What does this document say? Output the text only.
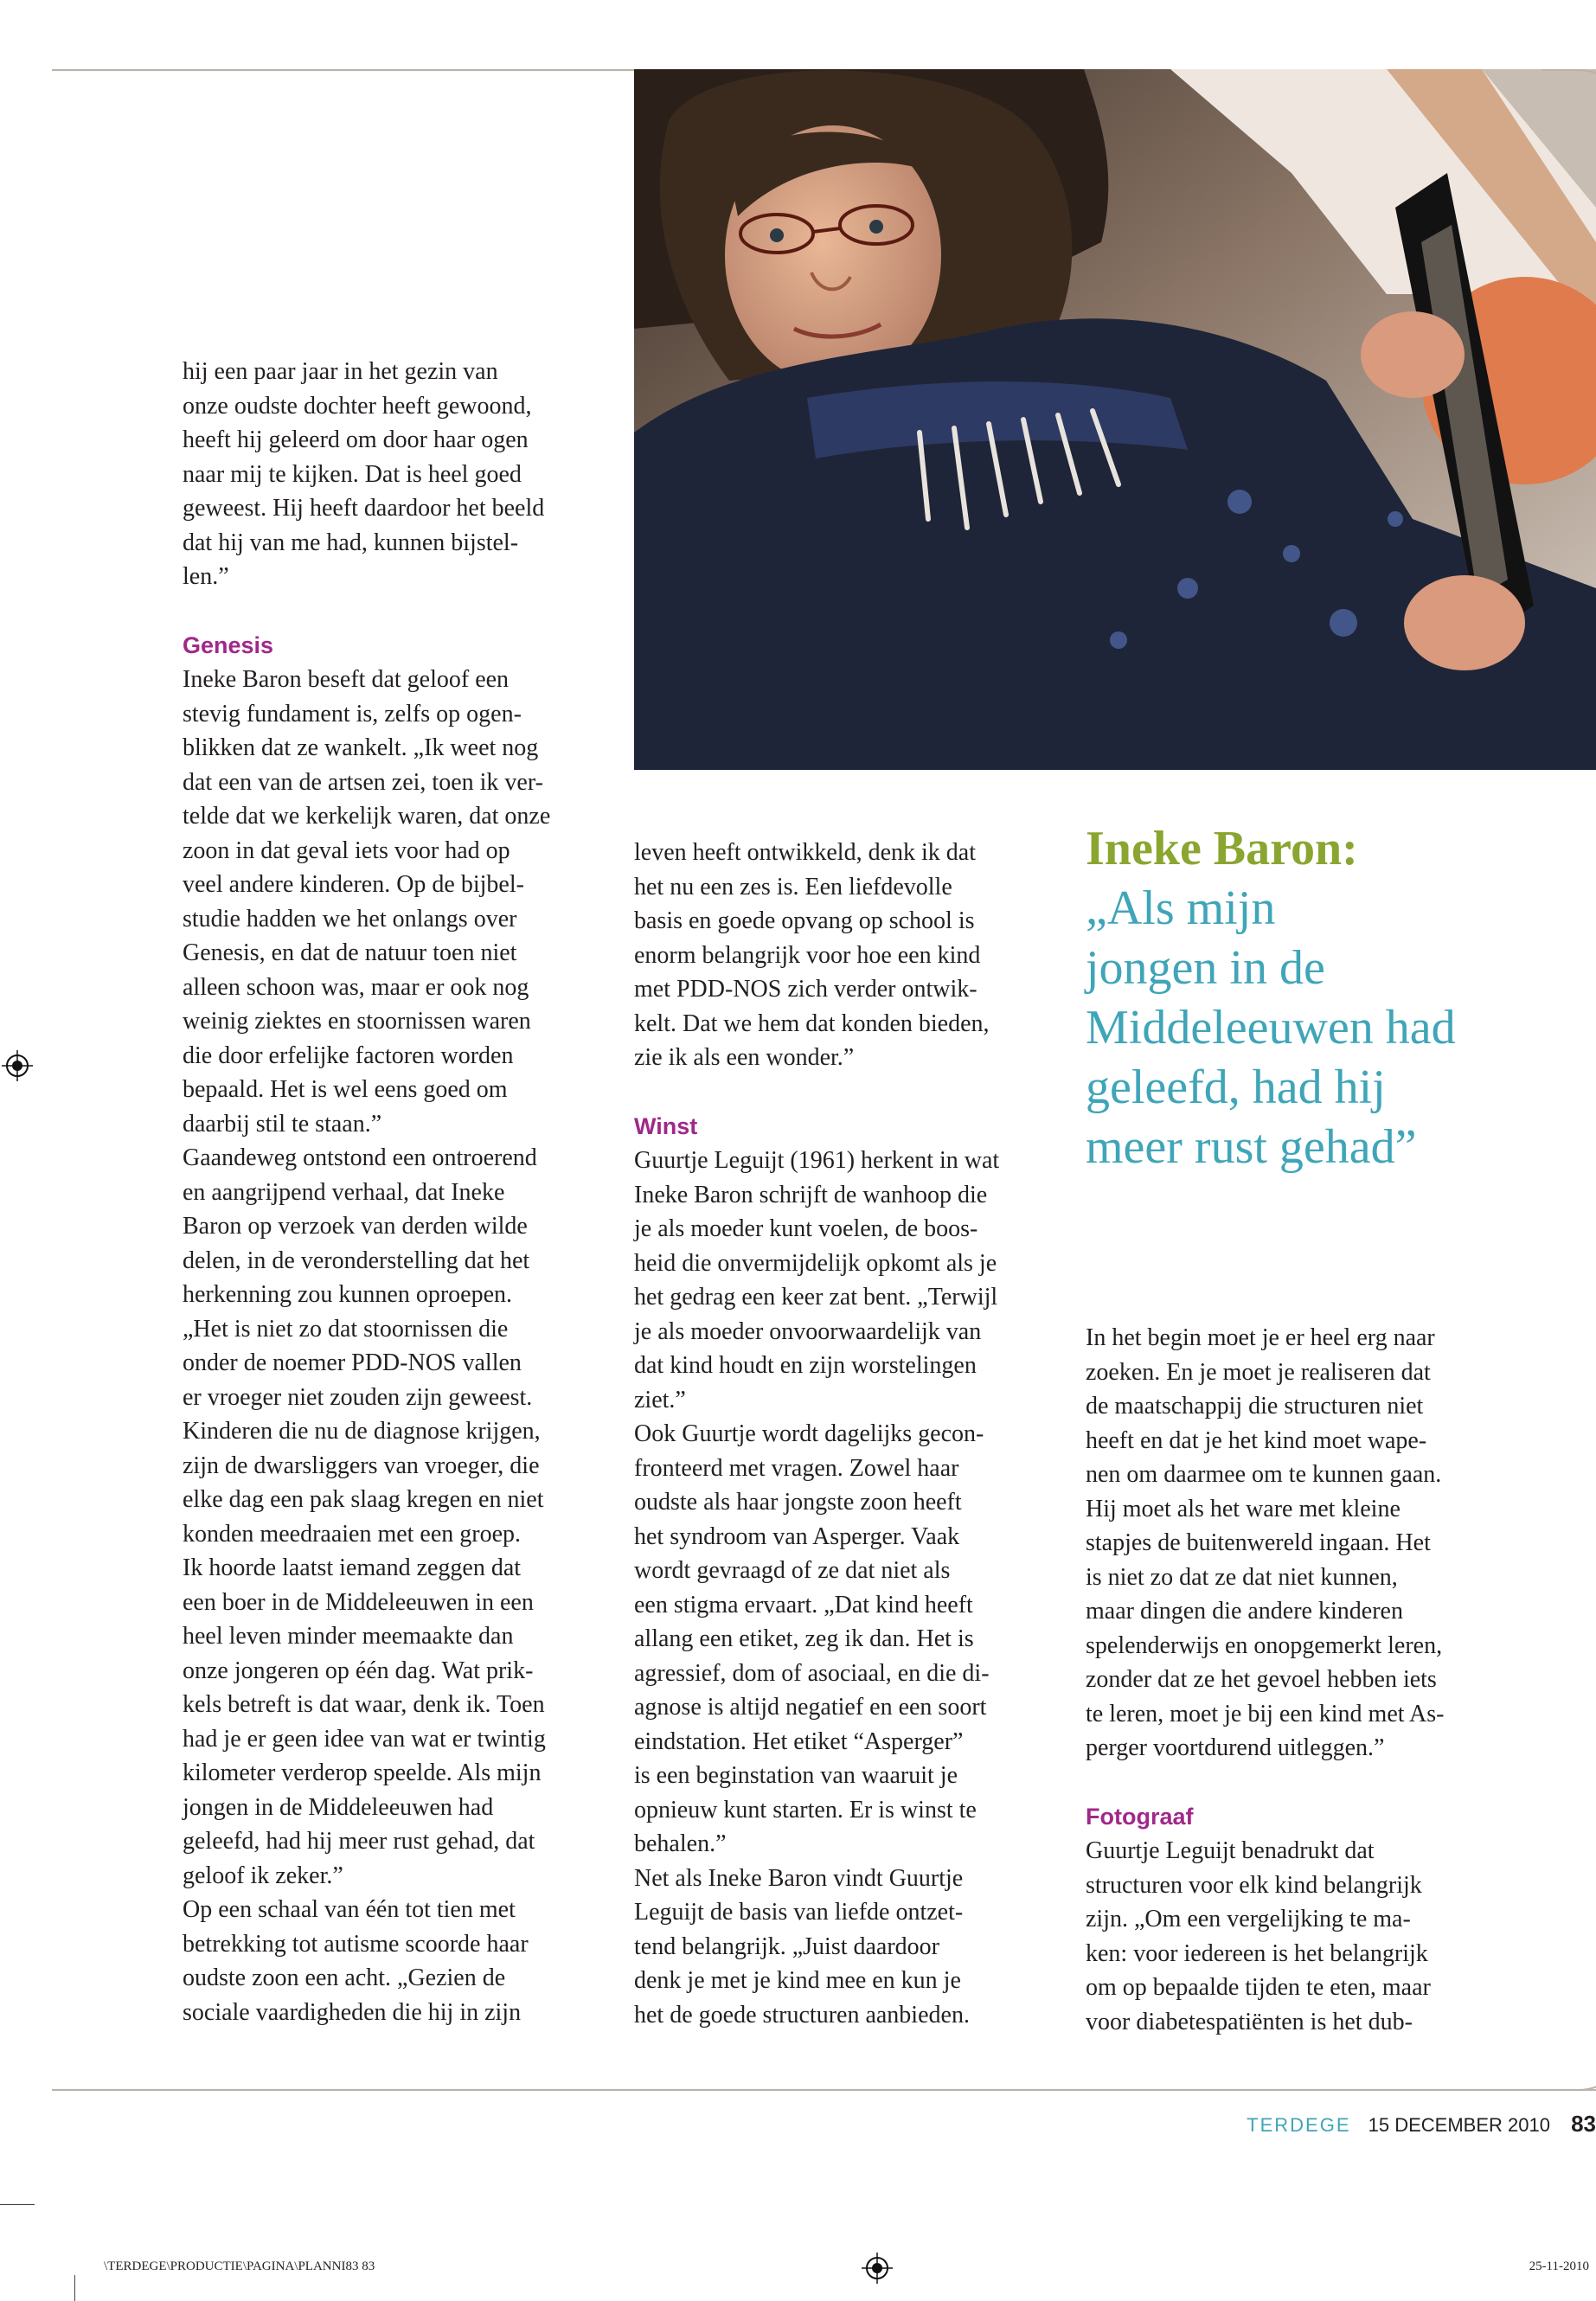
hij een paar jaar in het gezin van
onze oudste dochter heeft gewoond,
heeft hij geleerd om door haar ogen
naar mij te kijken. Dat is heel goed
geweest. Hij heeft daardoor het beeld
dat hij van me had, kunnen bijstel-
len.”
Genesis
Ineke Baron beseft dat geloof een
stevig fundament is, zelfs op ogen-
blikken dat ze wankelt. „Ik weet nog
dat een van de artsen zei, toen ik ver-
telde dat we kerkelijk waren, dat onze
zoon in dat geval iets voor had op
veel andere kinderen. Op de bijbel-
studie hadden we het onlangs over
Genesis, en dat de natuur toen niet
alleen schoon was, maar er ook nog
weinig ziektes en stoornissen waren
die door erfelijke factoren worden
bepaald. Het is wel eens goed om
daarbij stil te staan.”
Gaandeweg ontstond een ontroerend
en aangrijpend verhaal, dat Ineke
Baron op verzoek van derden wilde
delen, in de veronderstelling dat het
herkenning zou kunnen oproepen.
„Het is niet zo dat stoornissen die
onder de noemer PDD-NOS vallen
er vroeger niet zouden zijn geweest.
Kinderen die nu de diagnose krijgen,
zijn de dwarsliggers van vroeger, die
elke dag een pak slaag kregen en niet
konden meedraaien met een groep.
Ik hoorde laatst iemand zeggen dat
een boer in de Middeleeuwen in een
heel leven minder meemaakte dan
onze jongeren op één dag. Wat prik-
kels betreft is dat waar, denk ik. Toen
had je er geen idee van wat er twintig
kilometer verderop speelde. Als mijn
jongen in de Middeleeuwen had
geleefd, had hij meer rust gehad, dat
geloof ik zeker.”
Op een schaal van één tot tien met
betrekking tot autisme scoorde haar
oudste zoon een acht. „Gezien de
sociale vaardigheden die hij in zijn
leven heeft ontwikkeld, denk ik dat
het nu een zes is. Een liefdevolle
basis en goede opvang op school is
enorm belangrijk voor hoe een kind
met PDD-NOS zich verder ontwik-
kelt. Dat we hem dat konden bieden,
zie ik als een wonder.”
Winst
Guurtje Leguijt (1961) herkent in wat
Ineke Baron schrijft de wanhoop die
je als moeder kunt voelen, de boos-
heid die onvermijdelijk opkomt als je
het gedrag een keer zat bent. „Terwijl
je als moeder onvoorwaardelijk van
dat kind houdt en zijn worstelingen
ziet.”
Ook Guurtje wordt dagelijks gecon-
fronteerd met vragen. Zowel haar
oudste als haar jongste zoon heeft
het syndroom van Asperger. Vaak
wordt gevraagd of ze dat niet als
een stigma ervaart. „Dat kind heeft
allang een etiket, zeg ik dan. Het is
agressief, dom of asociaal, en die di-
agnose is altijd negatief en een soort
eindstation. Het etiket “Asperger”
is een beginstation van waaruit je
opnieuw kunt starten. Er is winst te
behalen.”
Net als Ineke Baron vindt Guurtje
Leguijt de basis van liefde ontzet-
tend belangrijk. „Juist daardoor
denk je met je kind mee en kun je
het de goede structuren aanbieden.
Ineke Baron:
„Als mijn
jongen in de
Middeleeuwen had
geleefd, had hij
meer rust gehad”
In het begin moet je er heel erg naar
zoeken. En je moet je realiseren dat
de maatschappij die structuren niet
heeft en dat je het kind moet wape-
nen om daarmee om te kunnen gaan.
Hij moet als het ware met kleine
stapjes de buitenwereld ingaan. Het
is niet zo dat ze dat niet kunnen,
maar dingen die andere kinderen
spelenderwijs en onopgemerkt leren,
zonder dat ze het gevoel hebben iets
te leren, moet je bij een kind met As-
perger voortdurend uitleggen.”
Fotograaf
Guurtje Leguijt benadrukt dat
structuren voor elk kind belangrijk
zijn. „Om een vergelijking te ma-
ken: voor iedereen is het belangrijk
om op bepaalde tijden te eten, maar
voor diabetespatiënten is het dub-
TERDEGE 15 DECEMBER 2010 83
\TERDEGE\PRODUCTIE\PAGINA\PLANNI83 83	25-11-2010
